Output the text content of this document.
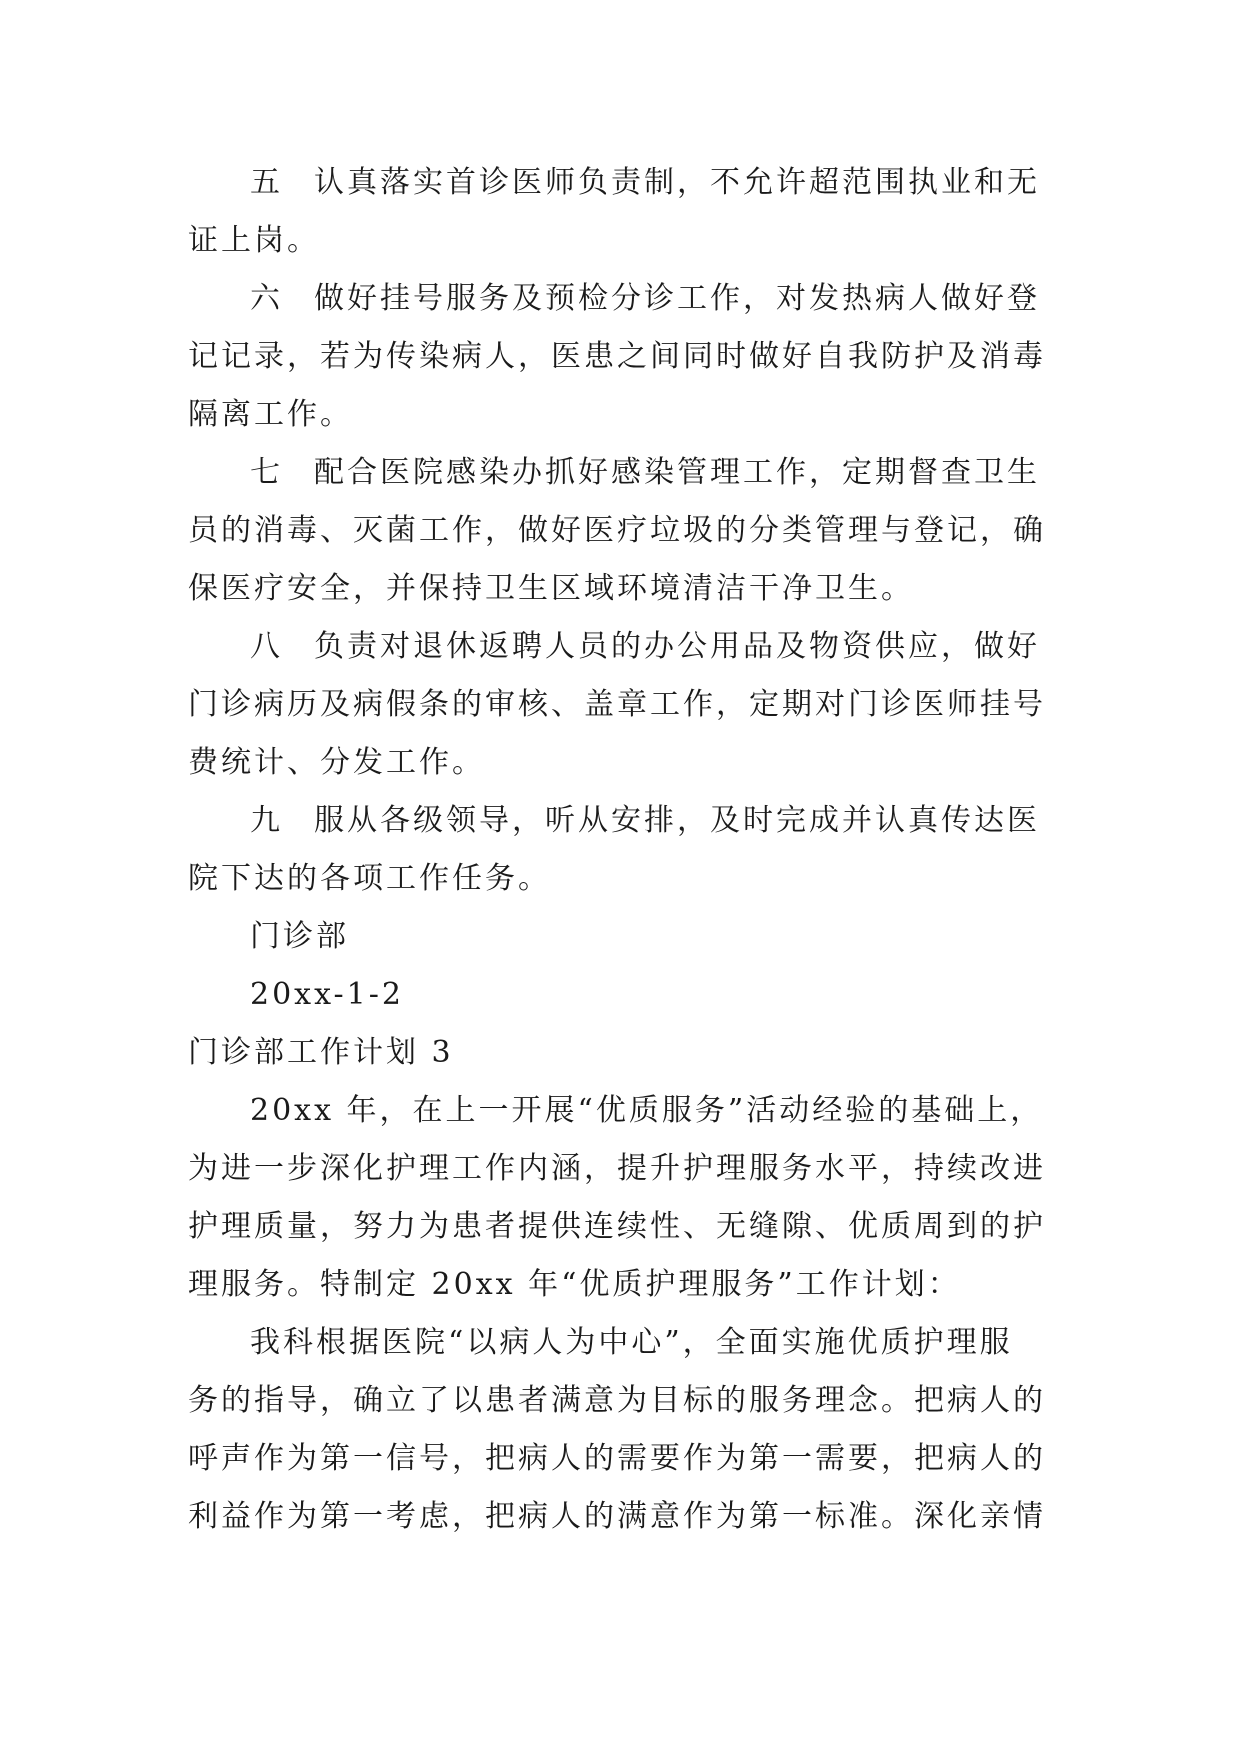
五 认真落实首诊医师负责制，不允许超范围执业和无
证上岗。
六 做好挂号服务及预检分诊工作，对发热病人做好登
记记录，若为传染病人，医患之间同时做好自我防护及消毒
隔离工作。
七 配合医院感染办抓好感染管理工作，定期督查卫生
员的消毒、灭菌工作，做好医疗垃圾的分类管理与登记，确
保医疗安全，并保持卫生区域环境清洁干净卫生。
八 负责对退休返聘人员的办公用品及物资供应，做好
门诊病历及病假条的审核、盖章工作，定期对门诊医师挂号
费统计、分发工作。
九 服从各级领导，听从安排，及时完成并认真传达医
院下达的各项工作任务。
门诊部
20xx-1-2
门诊部工作计划 3
20xx 年，在上一开展“优质服务”活动经验的基础上，
为进一步深化护理工作内涵，提升护理服务水平，持续改进
护理质量，努力为患者提供连续性、无缝隙、优质周到的护
理服务。特制定 20xx 年“优质护理服务”工作计划：
我科根据医院“以病人为中心”，全面实施优质护理服
务的指导，确立了以患者满意为目标的服务理念。把病人的
呼声作为第一信号，把病人的需要作为第一需要，把病人的
利益作为第一考虑，把病人的满意作为第一标准。深化亲情
